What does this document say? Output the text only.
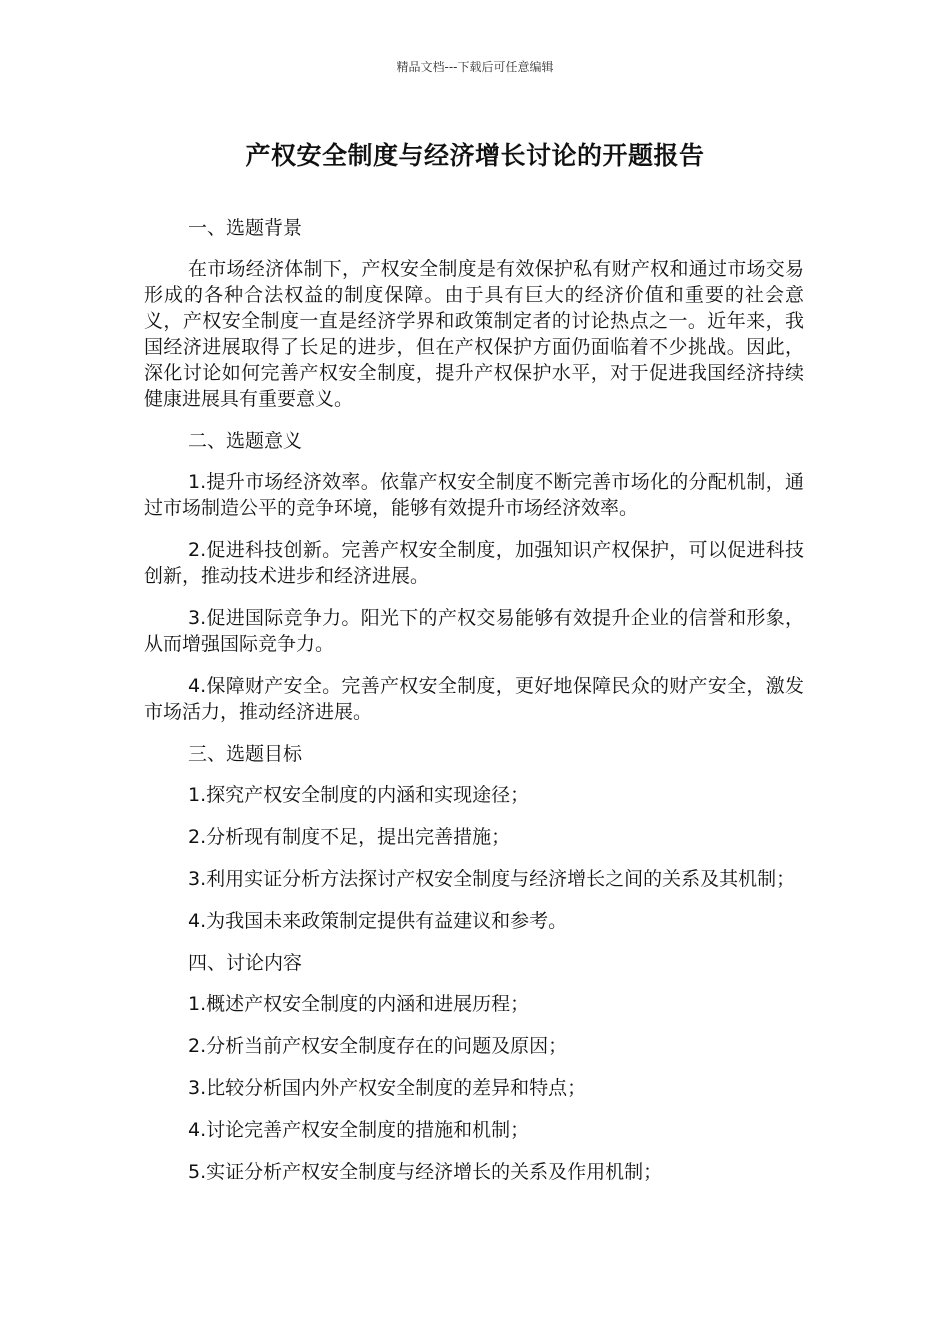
精品文档---下载后可任意编辑
产权安全制度与经济增长讨论的开题报告

一、选题背景

在市场经济体制下，产权安全制度是有效保护私有财产权和通过市场交易形成的各种合法权益的制度保障。由于具有巨大的经济价值和重要的社会意义，产权安全制度一直是经济学界和政策制定者的讨论热点之一。近年来，我国经济进展取得了长足的进步，但在产权保护方面仍面临着不少挑战。因此，深化讨论如何完善产权安全制度，提升产权保护水平，对于促进我国经济持续健康进展具有重要意义。

二、选题意义

1.提升市场经济效率。依靠产权安全制度不断完善市场化的分配机制，通过市场制造公平的竞争环境，能够有效提升市场经济效率。

2.促进科技创新。完善产权安全制度，加强知识产权保护，可以促进科技创新，推动技术进步和经济进展。

3.促进国际竞争力。阳光下的产权交易能够有效提升企业的信誉和形象，从而增强国际竞争力。

4.保障财产安全。完善产权安全制度，更好地保障民众的财产安全，激发市场活力，推动经济进展。

三、选题目标

1.探究产权安全制度的内涵和实现途径；

2.分析现有制度不足，提出完善措施；

3.利用实证分析方法探讨产权安全制度与经济增长之间的关系及其机制；

4.为我国未来政策制定提供有益建议和参考。

四、讨论内容

1.概述产权安全制度的内涵和进展历程；

2.分析当前产权安全制度存在的问题及原因；

3.比较分析国内外产权安全制度的差异和特点；

4.讨论完善产权安全制度的措施和机制；

5.实证分析产权安全制度与经济增长的关系及作用机制；
